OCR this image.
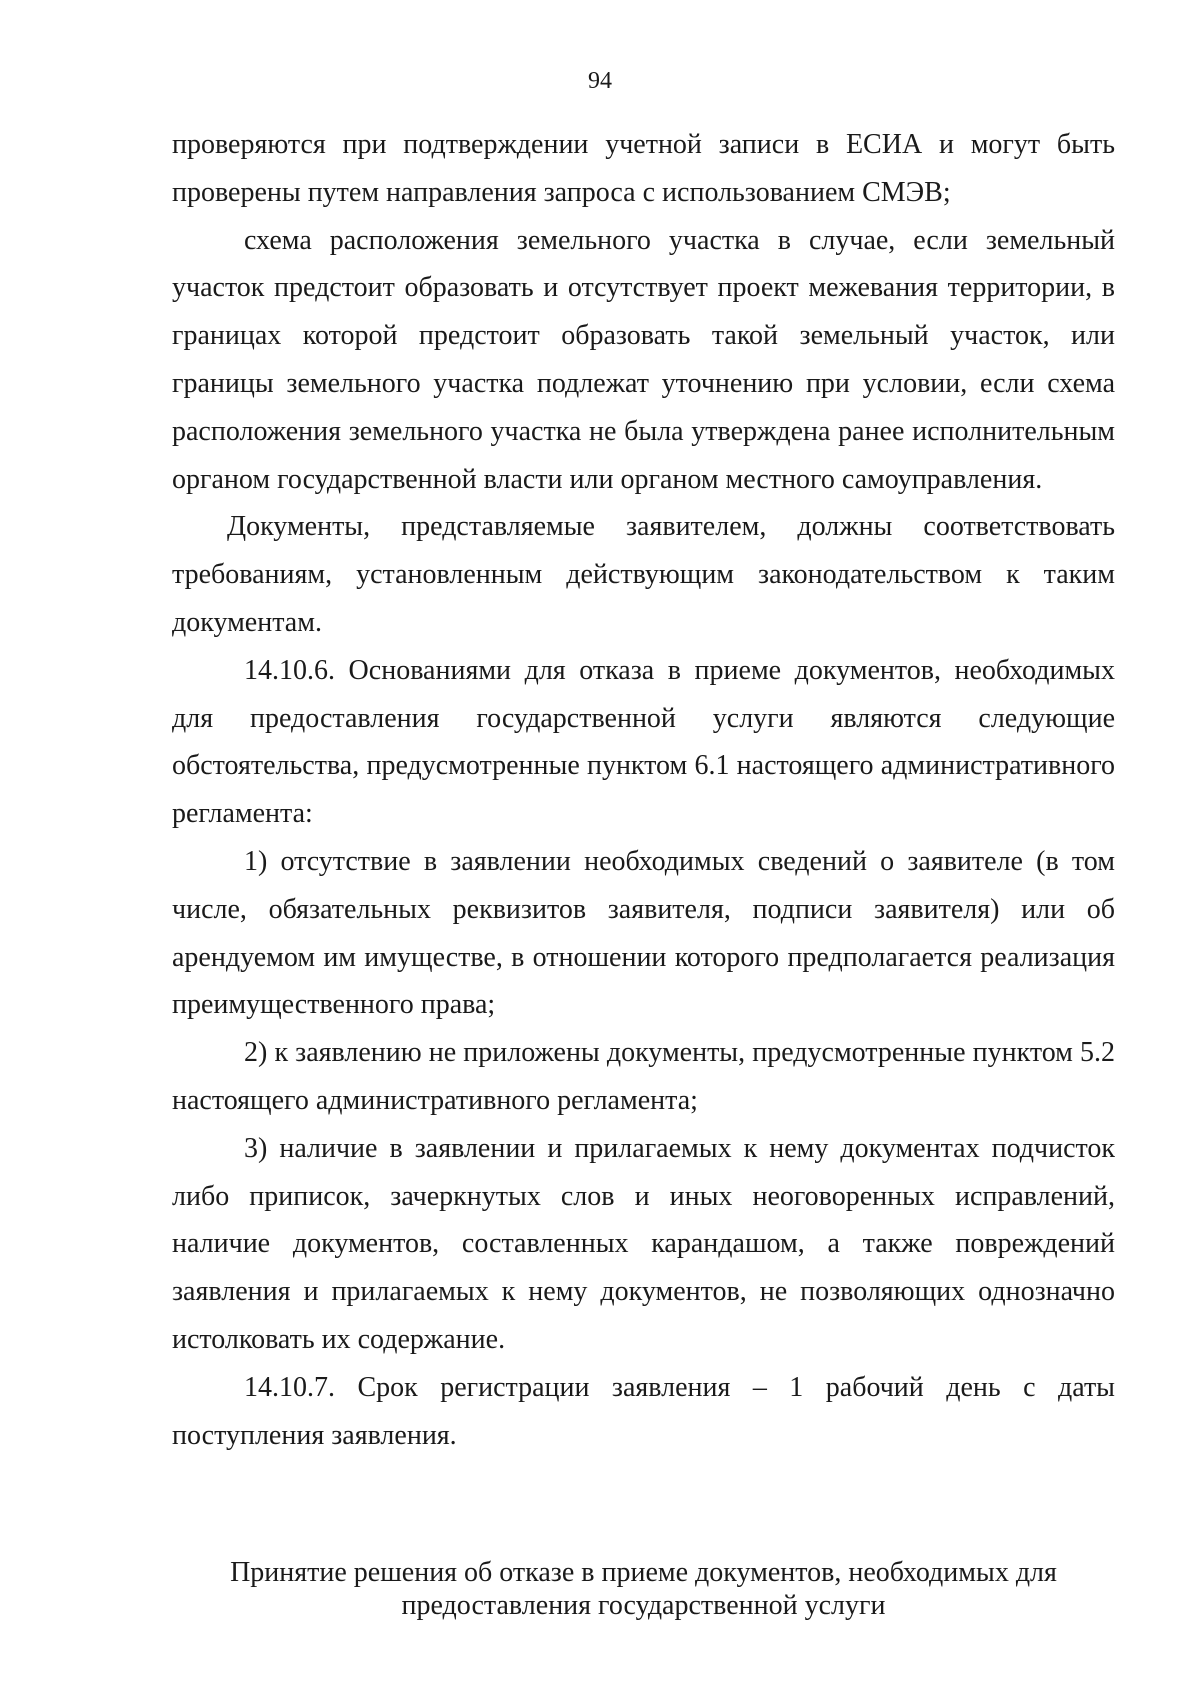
94

проверяются при подтверждении учетной записи в ЕСИА и могут быть проверены путем направления запроса с использованием СМЭВ;

схема расположения земельного участка в случае, если земельный участок предстоит образовать и отсутствует проект межевания территории, в границах которой предстоит образовать такой земельный участок, или границы земельного участка подлежат уточнению при условии, если схема расположения земельного участка не была утверждена ранее исполнительным органом государственной власти или органом местного самоуправления.

Документы, представляемые заявителем, должны соответствовать требованиям, установленным действующим законодательством к таким документам.

14.10.6. Основаниями для отказа в приеме документов, необходимых для предоставления государственной услуги являются следующие обстоятельства, предусмотренные пунктом 6.1 настоящего административного регламента:

1) отсутствие в заявлении необходимых сведений о заявителе (в том числе, обязательных реквизитов заявителя, подписи заявителя) или об арендуемом им имуществе, в отношении которого предполагается реализация преимущественного права;

2) к заявлению не приложены документы, предусмотренные пунктом 5.2 настоящего административного регламента;

3) наличие в заявлении и прилагаемых к нему документах подчисток либо приписок, зачеркнутых слов и иных неоговоренных исправлений, наличие документов, составленных карандашом, а также повреждений заявления и прилагаемых к нему документов, не позволяющих однозначно истолковать их содержание.

14.10.7. Срок регистрации заявления – 1 рабочий день с даты поступления заявления.

Принятие решения об отказе в приеме документов, необходимых для
предоставления государственной услуги
